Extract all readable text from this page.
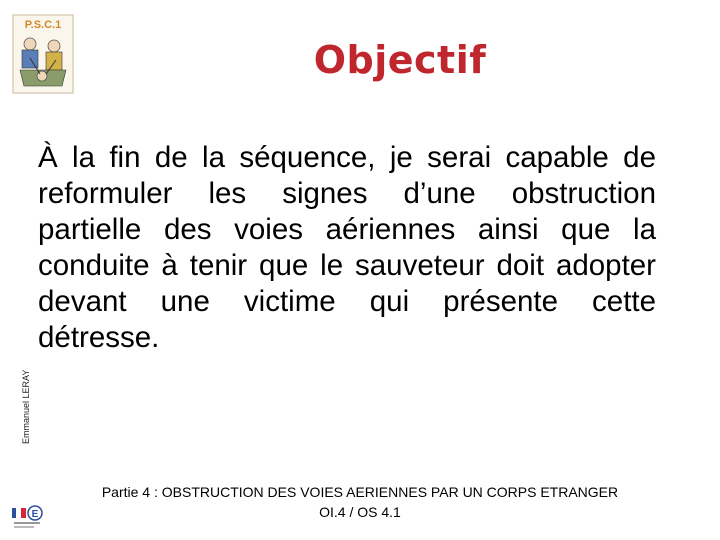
P.S.C.1
Objectif
Emmanuel LERAY
À la fin de la séquence, je serai capable de reformuler les signes d’une obstruction partielle des voies aériennes ainsi que la conduite à tenir que le sauveteur doit adopter devant une victime qui présente cette détresse.
Partie 4 : OBSTRUCTION DES VOIES AERIENNES PAR UN CORPS ETRANGER
OI.4 / OS 4.1
E
